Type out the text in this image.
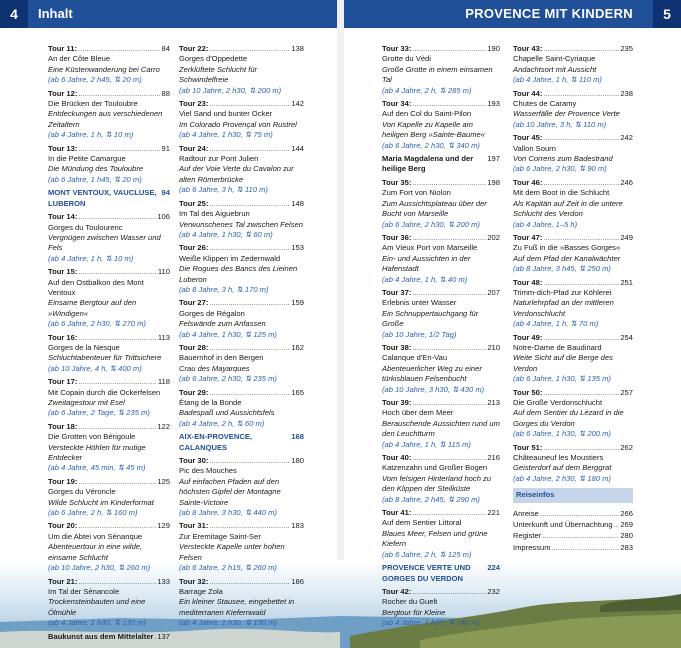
4	Inhalt	PROVENCE MIT KINDERN	5
Tour 11: .....	84
An der Côte Bleue
Eine Küstenwanderung bei Carro
(ab 6 Jahre, 2 h45, ⇅ 20 m)
Tour 12: .....	88
Die Brücken der Touloubre
Entdeckungen aus verschiedenen Zeitaltern
(ab 4 Jahre, 1 h, ⇅ 10 m)
Tour 13: .....	91
In die Petite Camargue
Die Mündung des Touloubre
(ab 6 Jahre, 1 h45, ⇅ 20 m)
MONT VENTOUX, VAUCLUSE, LUBERON
94
Tour 14: .....	106
Gorges du Toulourenc
Vergnügen zwischen Wasser und Fels
(ab 4 Jahre, 1 h, ⇅ 10 m)
Tour 15: .....	110
Auf den Ostbalkon des Mont Ventoux
Einsame Bergtour auf den »Windigen«
(ab 6 Jahre, 2 h30, ⇅ 270 m)
Tour 16: .....	113
Gorges de la Nesque
Schluchtabenteuer für Trittsichere
(ab 10 Jahre, 4 h, ⇅ 400 m)
Tour 17: .....	118
Mit Copain durch die Ockerfelsen
Zweitagestour mit Esel
(ab 6 Jahre, 2 Tage, ⇅ 235 m)
Tour 18: .....	122
Die Grotten von Bérigoule
Versteckte Höhlen für mutige Entdecker
(ab 4 Jahre, 45 min, ⇅ 45 m)
Tour 19: .....	125
Gorges du Véroncle
Wilde Schlucht im Kinderformat
(ab 6 Jahre, 2 h, ⇅ 160 m)
Tour 20: .....	129
Um die Abtei von Sénanque
Abenteuertour in eine wilde, einsame Schlucht
(ab 10 Jahre, 2 h30, ⇅ 260 m)
Tour 21: .....	133
Im Tal der Sénancole
Trockensteinbauten und eine Ölmühle
(ab 4 Jahre, 1 h30, ⇅ 130 m)
Baukunst aus dem Mittelalter ..... 137
Tour 22: .....	138
Gorges d'Oppedette
Zerklüftete Schlucht für Schwindelfreie
(ab 10 Jahre, 2 h30, ⇅ 200 m)
Tour 23: .....	142
Viel Sand und bunter Ocker
Im Colorado Provençal von Rustrel
(ab 4 Jahre, 1 h30, ⇅ 75 m)
Tour 24: .....	144
Radtour zur Pont Julien
Auf der Voie Verte du Cavalon zur alten Römerbrücke
(ab 6 Jahre, 3 h, ⇅ 110 m)
Tour 25: .....	148
Im Tal des Aiguebrun
Verwunschenes Tal zwischen Felsen
(ab 4 Jahre, 1 h30, ⇅ 60 m)
Tour 26: .....	153
Weiße Klippen im Zedernwald
Die Rogues des Bancs des Lieinen Luberon
(ab 8 Jahre, 3 h, ⇅ 170 m)
Tour 27: .....	159
Gorges de Régalon
Felswände zum Anfassen
(ab 4 Jahre, 1 h30, ⇅ 125 m)
Tour 28: .....	162
Bauernhof in den Bergen
Crau des Mayarques
(ab 6 Jahre, 2 h30, ⇅ 235 m)
Tour 29: .....	165
Étang de la Bonde
Badespaß und Aussichtsfels
(ab 4 Jahre, 2 h, ⇅ 60 m)
AIX-EN-PROVENCE, CALANQUES
168
Tour 30: .....	180
Pic des Mouches
Auf einfachen Pfaden auf den höchsten Gipfel der Montagne Sainte-Victoire
(ab 8 Jahre, 3 h30, ⇅ 440 m)
Tour 31: .....	183
Zur Eremitage Saint-Ser
Versteckte Kapelle unter hohen Felsen
(ab 6 Jahre, 2 h15, ⇅ 260 m)
Tour 32: .....	186
Barrage Zola
Ein kleiner Stausee, eingebettet in mediterranen Kiefernwald
(ab 4 Jahre, 1 h30, ⇅ 130 m)
Tour 33: .....	190
Grotte du Vèdi
Große Grotte in einem einsamen Tal
(ab 4 Jahre, 2 h, ⇅ 285 m)
Tour 34: .....	193
Auf den Col du Saint-Pilon
Von Kapelle zu Kapelle am heiligen Berg »Sainte-Baume«
(ab 6 Jahre, 2 h30, ⇅ 340 m)
Maria Magdalena und der heilige Berg
197
Tour 35: .....	198
Zum Fort von Niolon
Zum Aussichtsplateau über der Bucht von Marseille
(ab 6 Jahre, 2 h30, ⇅ 200 m)
Tour 36: .....	202
Am Vieux Port von Marseille
Ein- und Aussichten in der Hafenstadt
(ab 4 Jahre, 1 h, ⇅ 40 m)
Tour 37: .....	207
Erlebnis unter Wasser
Ein Schnuppertauchgang für Große
(ab 10 Jahre, 1/2 Tag)
Tour 38: .....	210
Calanque d'En-Vau
Abenteuerlicher Weg zu einer türkisblauen Felsenbucht
(ab 10 Jahre, 3 h30, ⇅ 430 m)
Tour 39: .....	213
Hoch über dem Meer
Berauschende Aussichten rund um den Leuchtturm
(ab 4 Jahre, 1 h, ⇅ 115 m)
Tour 40: .....	216
Katzenzahn und Großer Bogen
Vom felsigen Hinterland hoch zu den Klippen der Steilküste
(ab 8 Jahre, 2 h45, ⇅ 290 m)
Tour 41: .....	221
Auf dem Sentier Littoral
Blaues Meer, Felsen und grüne Kiefern
(ab 6 Jahre, 2 h, ⇅ 125 m)
PROVENCE VERTE UND GORGES DU VERDON
224
Tour 42: .....	232
Rocher du Guelt
Bergtour für Kleine
(ab 4 Jahre, 1 h30, ⇅ 140 m)
Tour 43: .....	235
Chapelle Saint-Cyriaque
Andachtsort mit Aussicht
(ab 4 Jahre, 1 h, ⇅ 110 m)
Tour 44: .....	238
Chutes de Caramy
Wasserfälle der Provence Verte
(ab 10 Jahre, 3 h, ⇅ 110 m)
Tour 45: .....	242
Vallon Sourn
Von Correns zum Badestrand
(ab 6 Jahre, 2 h30, ⇅ 90 m)
Tour 46: .....	246
Mit dem Boot in die Schlucht
Als Kapitän auf Zeit in die untere Schlucht des Verdon
(ab 4 Jahre, 1–5 h)
Tour 47: .....	249
Zu Fuß in die »Basses Gorges«
Auf dem Pfad der Kanalwächter
(ab 8 Jahre, 3 h45, ⇅ 250 m)
Tour 48: .....	251
Trimm-dich-Pfad zur Köhlerei
Naturlehrpfad an der mittleren Verdonschlucht
(ab 4 Jahre, 1 h, ⇅ 70 m)
Tour 49: .....	254
Notre-Dame de Baudinard
Weite Sicht auf die Berge des Verdon
(ab 6 Jahre, 1 h30, ⇅ 135 m)
Tour 50: .....	257
Die Große Verdonschlucht
Auf dem Sentier du Lézard in die Gorges du Verdon
(ab 6 Jahre, 1 h30, ⇅ 200 m)
Tour 51: .....	262
Châteauneuf les Moustiers
Geisterdorf auf dem Berggrat
(ab 4 Jahre, 2 h30, ⇅ 180 m)
Reiseinfos
Anreise .....	266
Unterkunft und Übernachtung ..... 269
Register .....	280
Impressum .....	283
